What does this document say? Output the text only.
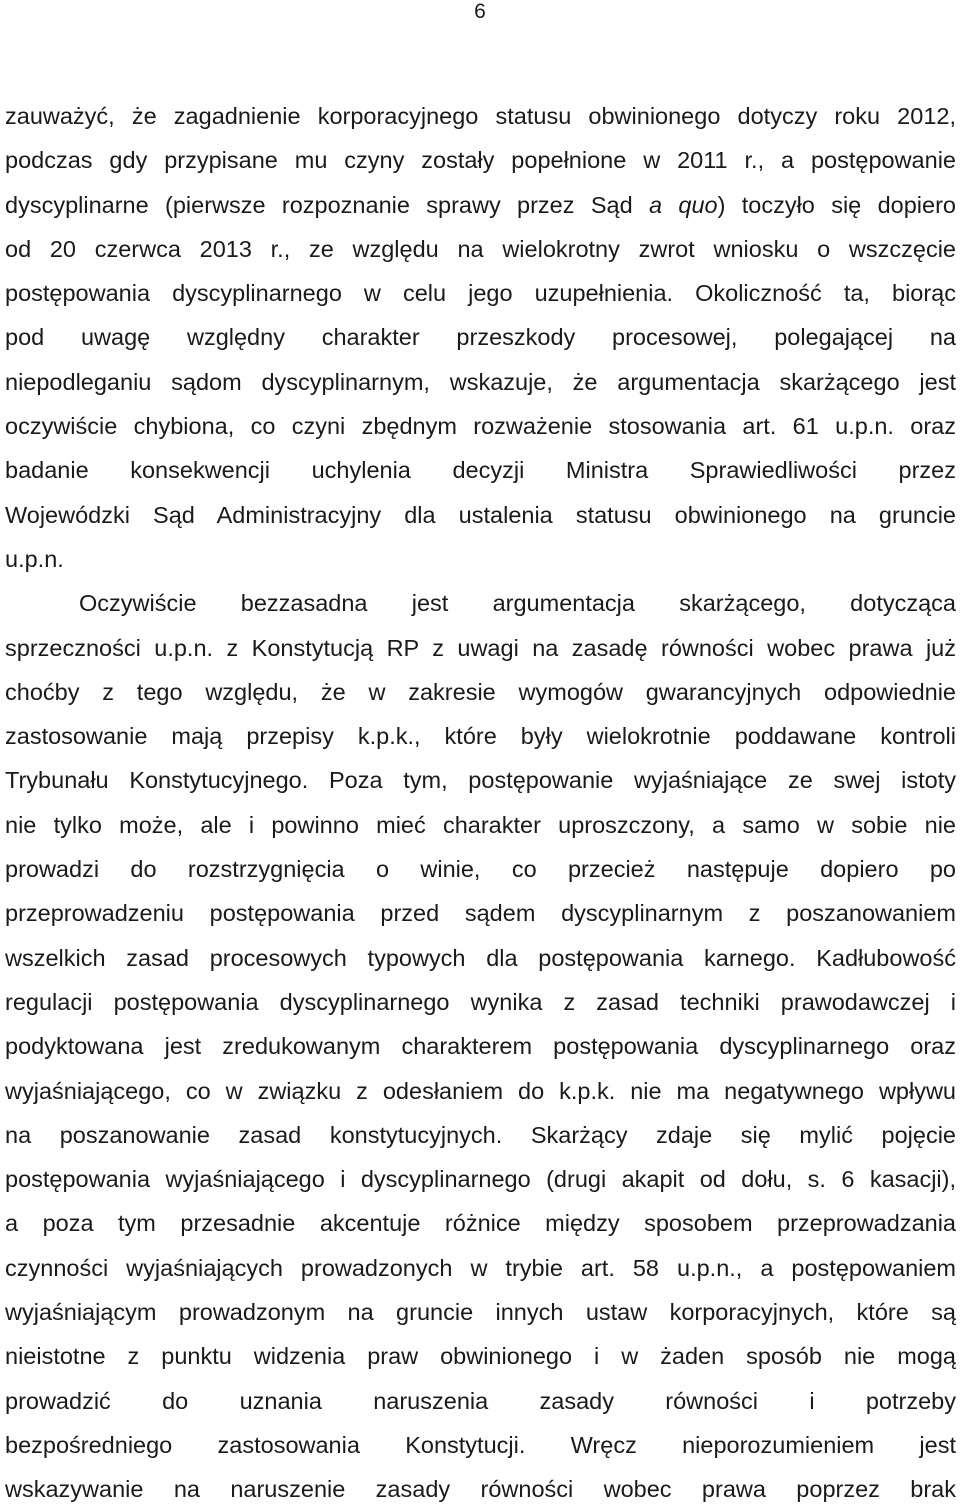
6
zauważyć, że zagadnienie korporacyjnego statusu obwinionego dotyczy roku 2012,
podczas gdy przypisane mu czyny zostały popełnione w 2011 r., a postępowanie
dyscyplinarne (pierwsze rozpoznanie sprawy przez Sąd a quo) toczyło się dopiero
od 20 czerwca 2013 r., ze względu na wielokrotny zwrot wniosku o wszczęcie
postępowania dyscyplinarnego w celu jego uzupełnienia. Okoliczność ta, biorąc
pod uwagę względny charakter przeszkody procesowej, polegającej na
niepodleganiu sądom dyscyplinarnym, wskazuje, że argumentacja skarżącego jest
oczywiście chybiona, co czyni zbędnym rozważenie stosowania art. 61 u.p.n. oraz
badanie konsekwencji uchylenia decyzji Ministra Sprawiedliwości przez
Wojewódzki Sąd Administracyjny dla ustalenia statusu obwinionego na gruncie
u.p.n.
Oczywiście bezzasadna jest argumentacja skarżącego, dotycząca
sprzeczności u.p.n. z Konstytucją RP z uwagi na zasadę równości wobec prawa już
choćby z tego względu, że w zakresie wymogów gwarancyjnych odpowiednie
zastosowanie mają przepisy k.p.k., które były wielokrotnie poddawane kontroli
Trybunału Konstytucyjnego. Poza tym, postępowanie wyjaśniające ze swej istoty
nie tylko może, ale i powinno mieć charakter uproszczony, a samo w sobie nie
prowadzi do rozstrzygnięcia o winie, co przecież następuje dopiero po
przeprowadzeniu postępowania przed sądem dyscyplinarnym z poszanowaniem
wszelkich zasad procesowych typowych dla postępowania karnego. Kadłubowość
regulacji postępowania dyscyplinarnego wynika z zasad techniki prawodawczej i
podyktowana jest zredukowanym charakterem postępowania dyscyplinarnego oraz
wyjaśniającego, co w związku z odesłaniem do k.p.k. nie ma negatywnego wpływu
na poszanowanie zasad konstytucyjnych. Skarżący zdaje się mylić pojęcie
postępowania wyjaśniającego i dyscyplinarnego (drugi akapit od dołu, s. 6 kasacji),
a poza tym przesadnie akcentuje różnice między sposobem przeprowadzania
czynności wyjaśniających prowadzonych w trybie art. 58 u.p.n., a postępowaniem
wyjaśniającym prowadzonym na gruncie innych ustaw korporacyjnych, które są
nieistotne z punktu widzenia praw obwinionego i w żaden sposób nie mogą
prowadzić do uznania naruszenia zasady równości i potrzeby
bezpośredniego zastosowania Konstytucji. Wręcz nieporozumieniem jest
wskazywanie na naruszenie zasady równości wobec prawa poprzez brak
